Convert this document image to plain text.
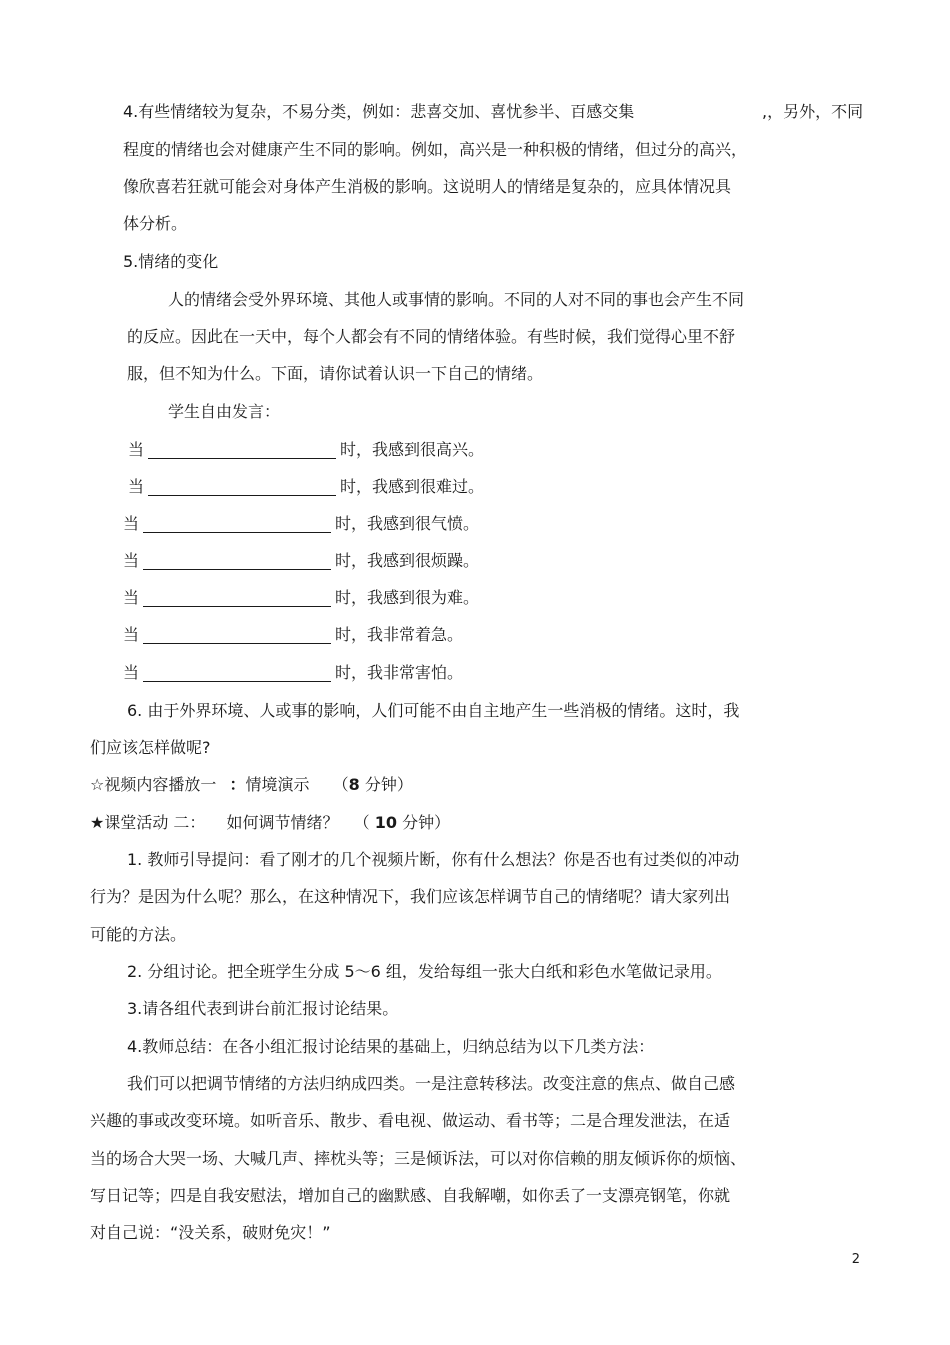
4.有些情绪较为复杂，不易分类，例如：悲喜交加、喜忧参半、百感交集	,，另外，不同
程度的情绪也会对健康产生不同的影响。例如，高兴是一种积极的情绪，但过分的高兴，
像欣喜若狂就可能会对身体产生消极的影响。这说明人的情绪是复杂的，应具体情况具
体分析。
5.情绪的变化
人的情绪会受外界环境、其他人或事情的影响。不同的人对不同的事也会产生不同
的反应。因此在一天中，每个人都会有不同的情绪体验。有些时候，我们觉得心里不舒
服，但不知为什么。下面，请你试着认识一下自己的情绪。
学生自由发言：
当	时，我感到很高兴。
当	时，我感到很难过。
当	时，我感到很气愤。
当	时，我感到很烦躁。
当	时，我感到很为难。
当	时，我非常着急。
当	时，我非常害怕。
6. 由于外界环境、人或事的影响，人们可能不由自主地产生一些消极的情绪。这时，我
们应该怎样做呢?
☆视频内容播放一 ：情境演示 （8 分钟）
★课堂活动 二： 如何调节情绪？ （ 10 分钟）
1. 教师引导提问：看了刚才的几个视频片断，你有什么想法？你是否也有过类似的冲动
行为？是因为什么呢？那么，在这种情况下，我们应该怎样调节自己的情绪呢？请大家列出
可能的方法。
2. 分组讨论。把全班学生分成 5～6 组，发给每组一张大白纸和彩色水笔做记录用。
3.请各组代表到讲台前汇报讨论结果。
4.教师总结：在各小组汇报讨论结果的基础上，归纳总结为以下几类方法：
我们可以把调节情绪的方法归纳成四类。一是注意转移法。改变注意的焦点、做自己感
兴趣的事或改变环境。如听音乐、散步、看电视、做运动、看书等；二是合理发泄法，在适
当的场合大哭一场、大喊几声、摔枕头等；三是倾诉法，可以对你信赖的朋友倾诉你的烦恼、
写日记等；四是自我安慰法，增加自己的幽默感、自我解嘲，如你丢了一支漂亮钢笔，你就
对自己说：“没关系，破财免灾！”
2
